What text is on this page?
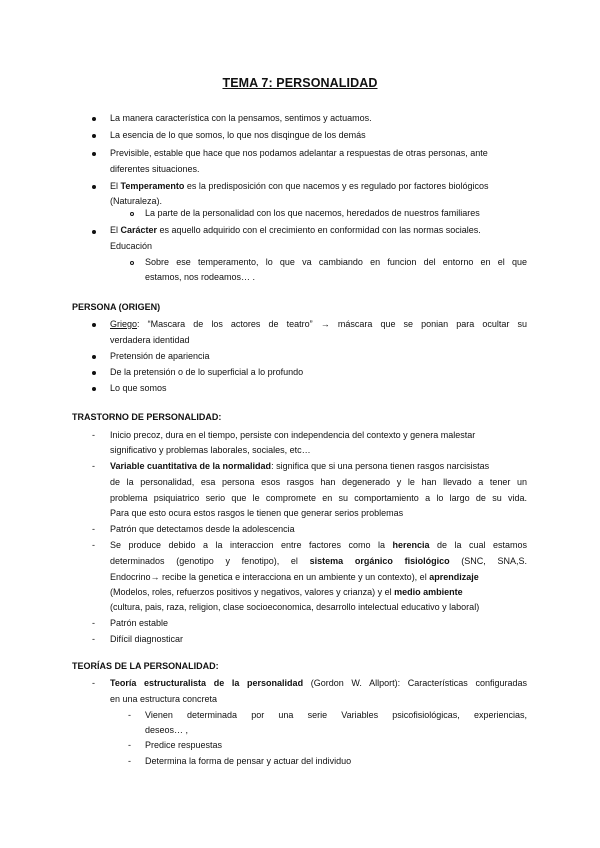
TEMA 7: PERSONALIDAD
La manera característica con la pensamos, sentimos y actuamos.
La esencia de lo que somos, lo que nos disqingue de los demás
Previsible, estable que hace que nos podamos adelantar a respuestas de otras personas, ante
diferentes situaciones.
El Temperamento es la predisposición con que nacemos y es regulado por factores biológicos
(Naturaleza).
La parte de la personalidad con los que nacemos, heredados de nuestros familiares
El Carácter es aquello adquirido con el crecimiento en conformidad con las normas sociales.
Educación
Sobre ese temperamento, lo que va cambiando en funcion del entorno en el que
estamos, nos rodeamos… .
PERSONA (ORIGEN)
Griego: “Mascara de los actores de teatro” → máscara que se ponian para ocultar su
verdadera identidad
Pretensión de apariencia
De la pretensión o de lo superficial a lo profundo
Lo que somos
TRASTORNO DE PERSONALIDAD:
- Inicio precoz, dura en el tiempo, persiste con independencia del contexto y genera malestar
significativo y problemas laborales, sociales, etc…
- Variable cuantitativa de la normalidad: significa que si una persona tienen rasgos narcisistas
de la personalidad, esa persona esos rasgos han degenerado y le han llevado a tener un
problema psiquiatrico serio que le compromete en su comportamiento a lo largo de su vida.
Para que esto ocura estos rasgos le tienen que generar serios problemas
- Patrón que detectamos desde la adolescencia
- Se produce debido a la interaccion entre factores como la herencia de la cual estamos
determinados (genotipo y fenotipo), el sistema orgánico fisiológico (SNC, SNA,S.
Endocrino→ recibe la genetica e interacciona en un ambiente y un contexto), el aprendizaje
(Modelos, roles, refuerzos positivos y negativos, valores y crianza) y el medio ambiente
(cultura, pais, raza, religion, clase socioeconomica, desarrollo intelectual educativo y laboral)
- Patrón estable
- Difícil diagnosticar
TEORÍAS DE LA PERSONALIDAD:
- Teoría estructuralista de la personalidad (Gordon W. Allport): Características configuradas
en una estructura concreta
- Vienen determinada por una serie Variables psicofisiológicas, experiencias,
deseos… ,
- Predice respuestas
- Determina la forma de pensar y actuar del individuo
